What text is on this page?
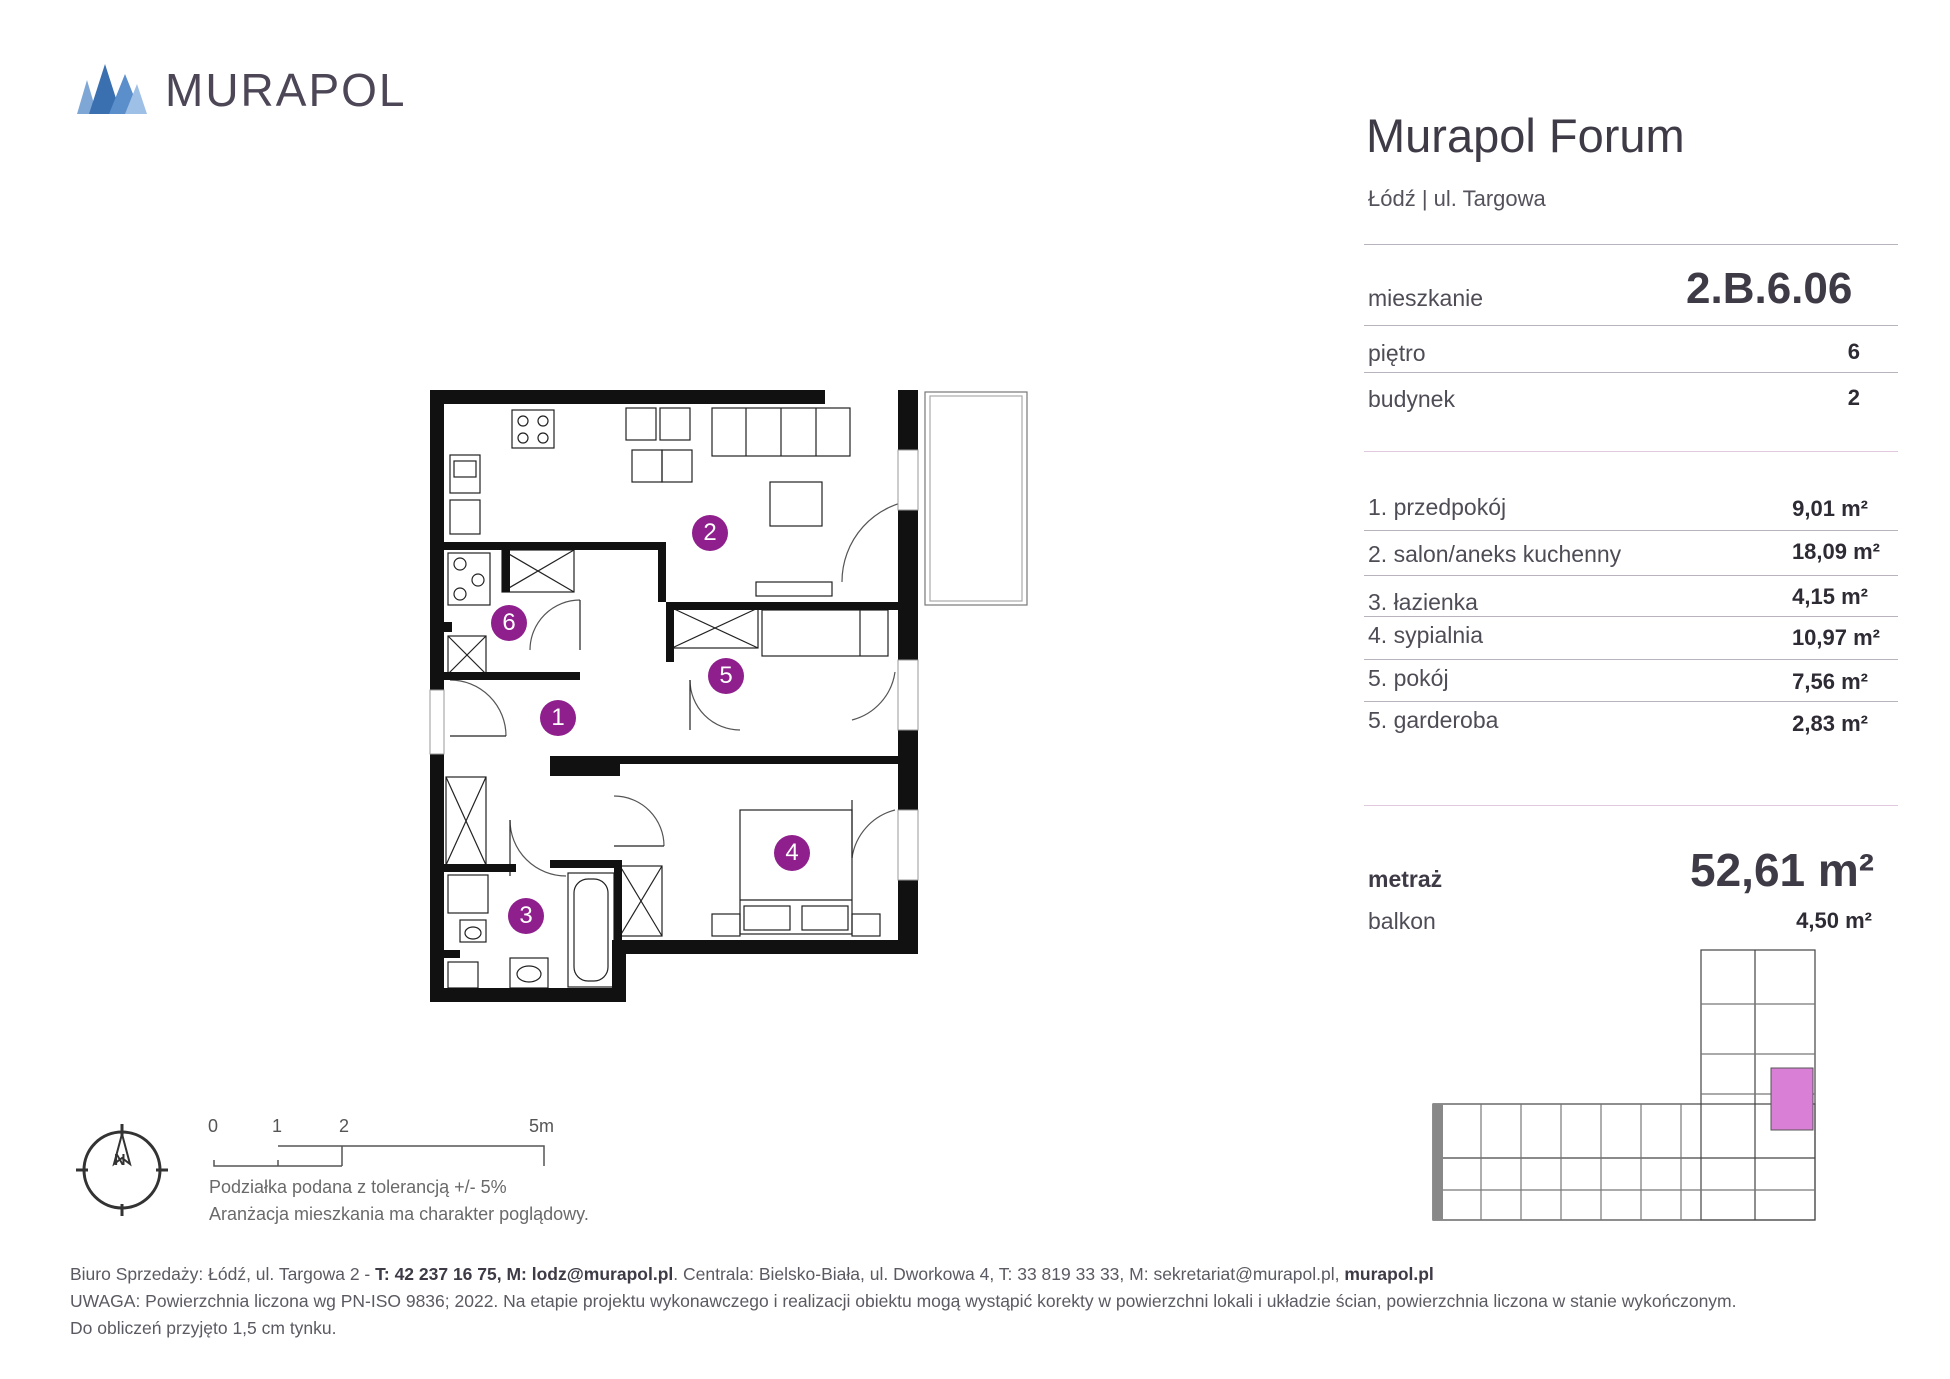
MURAPOL
Murapol Forum
Łódź | ul. Targowa
mieszkanie	2.B.6.06
piętro	6
budynek	2
1. przedpokój	9,01 m²
2. salon/aneks kuchenny	18,09 m²
3. łazienka	4,15 m²
4. sypialnia	10,97 m²
5. pokój	7,56 m²
5. garderoba	2,83 m²
metraż	52,61 m²
balkon	4,50 m²
1
2
3
4
5
6
N
0	1	2	5m
Podziałka podana z tolerancją +/- 5%
Aranżacja mieszkania ma charakter poglądowy.
Biuro Sprzedaży: Łódź, ul. Targowa 2 - T: 42 237 16 75, M: lodz@murapol.pl. Centrala: Bielsko-Biała, ul. Dworkowa 4, T: 33 819 33 33, M: sekretariat@murapol.pl, murapol.pl
UWAGA: Powierzchnia liczona wg PN-ISO 9836; 2022. Na etapie projektu wykonawczego i realizacji obiektu mogą wystąpić korekty w powierzchni lokali i układzie ścian, powierzchnia liczona w stanie wykończonym.
Do obliczeń przyjęto 1,5 cm tynku.
